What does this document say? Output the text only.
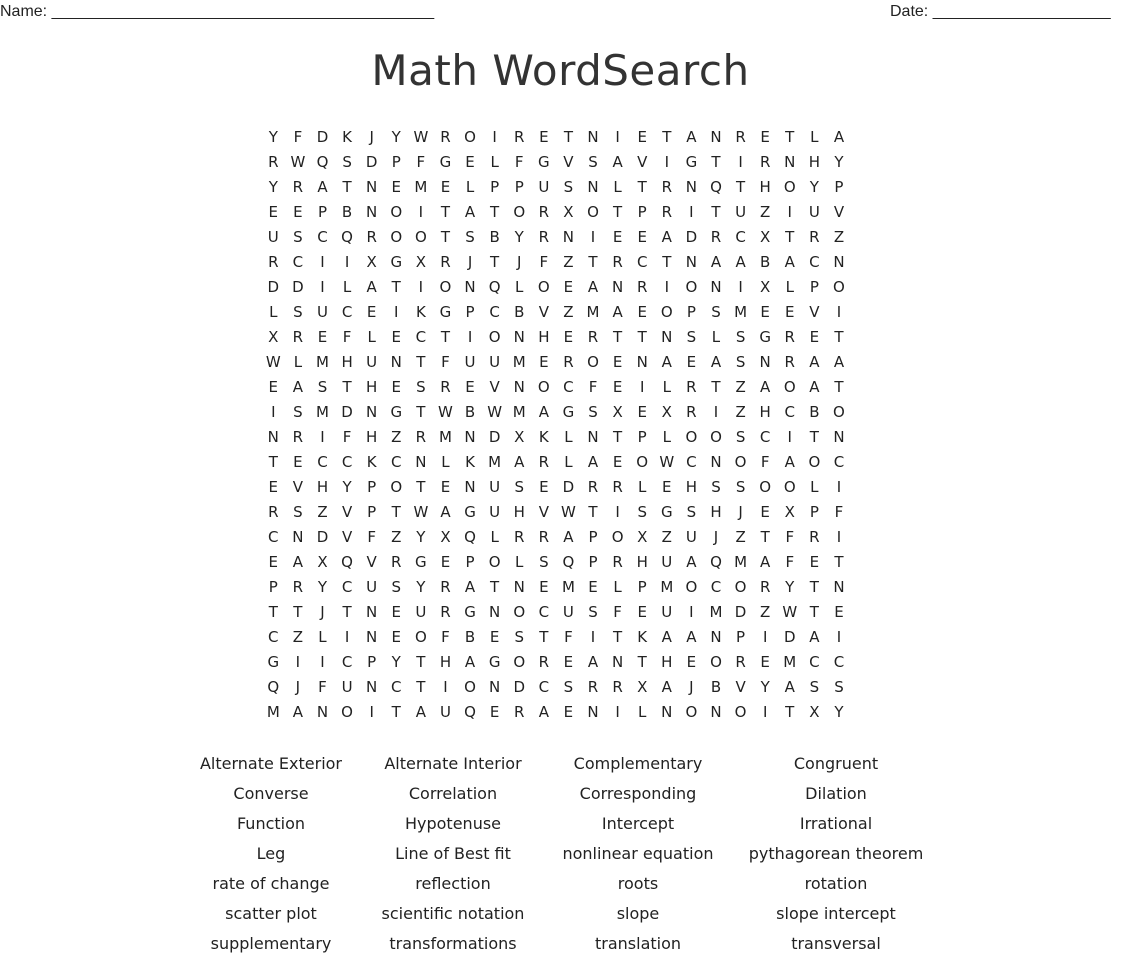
Name: ___________________________________________	Date: ____________________
Math WordSearch
Y	F D K	J	Y W R O	I	R E	T N	I	E	T A N R E	T	L	A
R W Q S D P	F G E	L	F G V S A V	I	G T	I	R N H Y
Y R A T N E M E	L	P	P U S N L	T R N Q T H O Y	P
E	E	P B N O	I	T A T O R X O T	P R	I	T U Z	I	U V
U S C Q R O O T	S B Y R N	I	E	E A D R C X T R Z
R C	I	I	X G X R	J	T	J	F	Z T R C T N A A B A C N
D D	I	L	A T	I	O N Q L O E A N R	I	O N	I	X	L	P O
L	S U C E	I	K G P C B V Z M A E O P	S M E	E V	I
X R E	F	L	E C T	I	O N H E R T	T N S	L	S G R E	T
W L M H U N T	F U U M E R O E N A E A S N R A A
E A S	T H E	S R E V N O C	F	E	I	L	R T Z A O A T
I	S M D N G T W B W M A G S X E X R	I	Z H C B O
N R	I	F H Z R M N D X K	L N T	P	L O O S C	I	T N
T	E C C K C N L	K M A R	L	A E O W C N O F	A O C
E V H Y	P O T	E N U S	E D R R	L	E H S	S O O L	I
R S Z V P	T W A G U H V W T	I	S G S H	J	E X P	F
C N D V	F	Z Y X Q L	R R A P O X Z U	J	Z T	F	R	I
E A X Q V R G E	P O L	S Q P R H U A Q M A	F	E	T
P R Y C U S	Y R A T N E M E	L	P M O C O R Y	T N
T	T	J	T N E U R G N O C U S	F	E U	I	M D Z W T	E
C Z	L	I	N E O F	B E	S	T	F	I	T	K A A N P	I	D A	I
G	I	I	C P	Y	T H A G O R E A N T H E O R E M C C
Q	J	F U N C T	I	O N D C S R R X A	J	B V Y A S	S
M A N O	I	T A U Q E R A E N	I	L N O N O	I	T X Y
Alternate Exterior	Alternate Interior	Complementary	Congruent
Converse	Correlation	Corresponding	Dilation
Function	Hypotenuse	Intercept	Irrational
Leg	Line of Best fit	nonlinear equation	pythagorean theorem
rate of change	reflection	roots	rotation
scatter plot	scientific notation	slope	slope intercept
supplementary	transformations	translation	transversal
